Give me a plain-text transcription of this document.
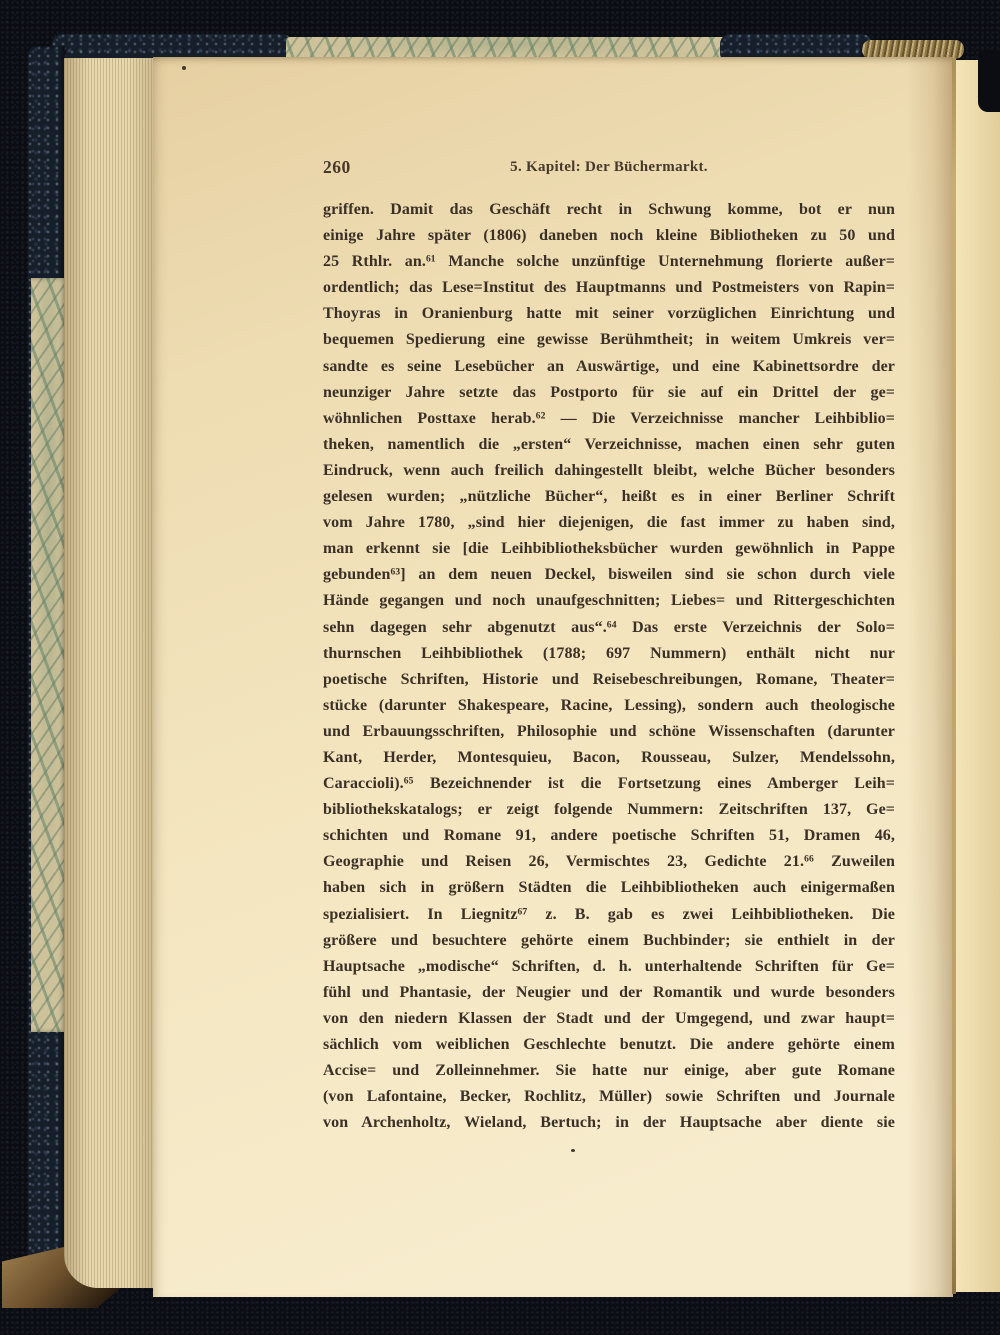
260	5. Kapitel: Der Büchermarkt.
griffen. Damit das Geschäft recht in Schwung komme, bot er nun
einige Jahre später (1806) daneben noch kleine Bibliotheken zu 50 und
25 Rthlr. an.⁶¹ Manche solche unzünftige Unternehmung florierte außer=
ordentlich; das Lese=Institut des Hauptmanns und Postmeisters von Rapin=
Thoyras in Oranienburg hatte mit seiner vorzüglichen Einrichtung und
bequemen Spedierung eine gewisse Berühmtheit; in weitem Umkreis ver=
sandte es seine Lesebücher an Auswärtige, und eine Kabinettsordre der
neunziger Jahre setzte das Postporto für sie auf ein Drittel der ge=
wöhnlichen Posttaxe herab.⁶² — Die Verzeichnisse mancher Leihbiblio=
theken, namentlich die „ersten“ Verzeichnisse, machen einen sehr guten
Eindruck, wenn auch freilich dahingestellt bleibt, welche Bücher besonders
gelesen wurden; „nützliche Bücher“, heißt es in einer Berliner Schrift
vom Jahre 1780, „sind hier diejenigen, die fast immer zu haben sind,
man erkennt sie [die Leihbibliotheksbücher wurden gewöhnlich in Pappe
gebunden⁶³] an dem neuen Deckel, bisweilen sind sie schon durch viele
Hände gegangen und noch unaufgeschnitten; Liebes= und Rittergeschichten
sehn dagegen sehr abgenutzt aus“.⁶⁴ Das erste Verzeichnis der Solo=
thurnschen Leihbibliothek (1788; 697 Nummern) enthält nicht nur
poetische Schriften, Historie und Reisebeschreibungen, Romane, Theater=
stücke (darunter Shakespeare, Racine, Lessing), sondern auch theologische
und Erbauungsschriften, Philosophie und schöne Wissenschaften (darunter
Kant, Herder, Montesquieu, Bacon, Rousseau, Sulzer, Mendelssohn,
Caraccioli).⁶⁵ Bezeichnender ist die Fortsetzung eines Amberger Leih=
bibliothekskatalogs; er zeigt folgende Nummern: Zeitschriften 137, Ge=
schichten und Romane 91, andere poetische Schriften 51, Dramen 46,
Geographie und Reisen 26, Vermischtes 23, Gedichte 21.⁶⁶ Zuweilen
haben sich in größern Städten die Leihbibliotheken auch einigermaßen
spezialisiert. In Liegnitz⁶⁷ z. B. gab es zwei Leihbibliotheken. Die
größere und besuchtere gehörte einem Buchbinder; sie enthielt in der
Hauptsache „modische“ Schriften, d. h. unterhaltende Schriften für Ge=
fühl und Phantasie, der Neugier und der Romantik und wurde besonders
von den niedern Klassen der Stadt und der Umgegend, und zwar haupt=
sächlich vom weiblichen Geschlechte benutzt. Die andere gehörte einem
Accise= und Zolleinnehmer. Sie hatte nur einige, aber gute Romane
(von Lafontaine, Becker, Rochlitz, Müller) sowie Schriften und Journale
von Archenholtz, Wieland, Bertuch; in der Hauptsache aber diente sie
